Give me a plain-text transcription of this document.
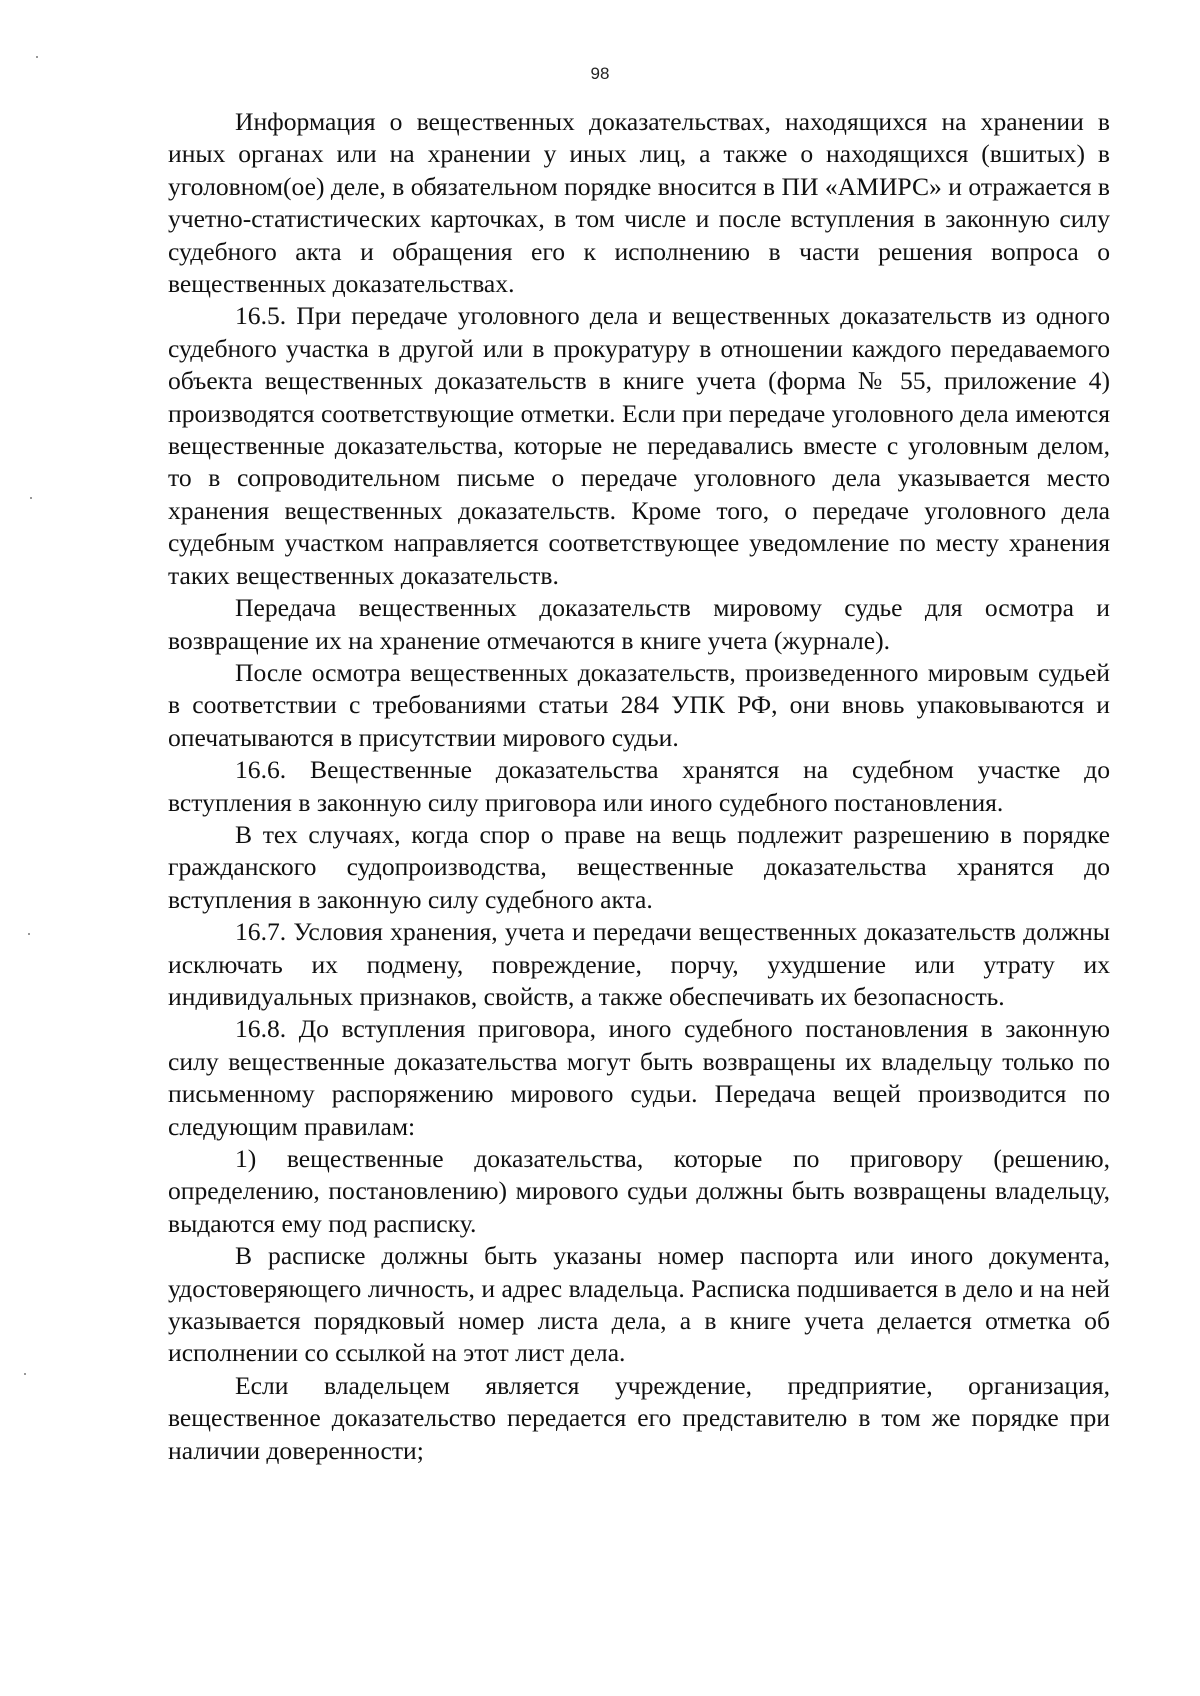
98

Информация о вещественных доказательствах, находящихся на хранении в иных органах или на хранении у иных лиц, а также о находящихся (вшитых) в уголовном(ое) деле, в обязательном порядке вносится в ПИ «АМИРС» и отражается в учетно-статистических карточках, в том числе и после вступления в законную силу судебного акта и обращения его к исполнению в части решения вопроса о вещественных доказательствах.

16.5. При передаче уголовного дела и вещественных доказательств из одного судебного участка в другой или в прокуратуру в отношении каждого передаваемого объекта вещественных доказательств в книге учета (форма № 55, приложение 4) производятся соответствующие отметки. Если при передаче уголовного дела имеются вещественные доказательства, которые не передавались вместе с уголовным делом, то в сопроводительном письме о передаче уголовного дела указывается место хранения вещественных доказательств. Кроме того, о передаче уголовного дела судебным участком направляется соответствующее уведомление по месту хранения таких вещественных доказательств.

Передача вещественных доказательств мировому судье для осмотра и возвращение их на хранение отмечаются в книге учета (журнале).

После осмотра вещественных доказательств, произведенного мировым судьей в соответствии с требованиями статьи 284 УПК РФ, они вновь упаковываются и опечатываются в присутствии мирового судьи.

16.6. Вещественные доказательства хранятся на судебном участке до вступления в законную силу приговора или иного судебного постановления.

В тех случаях, когда спор о праве на вещь подлежит разрешению в порядке гражданского судопроизводства, вещественные доказательства хранятся до вступления в законную силу судебного акта.

16.7. Условия хранения, учета и передачи вещественных доказательств должны исключать их подмену, повреждение, порчу, ухудшение или утрату их индивидуальных признаков, свойств, а также обеспечивать их безопасность.

16.8. До вступления приговора, иного судебного постановления в законную силу вещественные доказательства могут быть возвращены их владельцу только по письменному распоряжению мирового судьи. Передача вещей производится по следующим правилам:

1) вещественные доказательства, которые по приговору (решению, определению, постановлению) мирового судьи должны быть возвращены владельцу, выдаются ему под расписку.

В расписке должны быть указаны номер паспорта или иного документа, удостоверяющего личность, и адрес владельца. Расписка подшивается в дело и на ней указывается порядковый номер листа дела, а в книге учета делается отметка об исполнении со ссылкой на этот лист дела.

Если владельцем является учреждение, предприятие, организация, вещественное доказательство передается его представителю в том же порядке при наличии доверенности;
